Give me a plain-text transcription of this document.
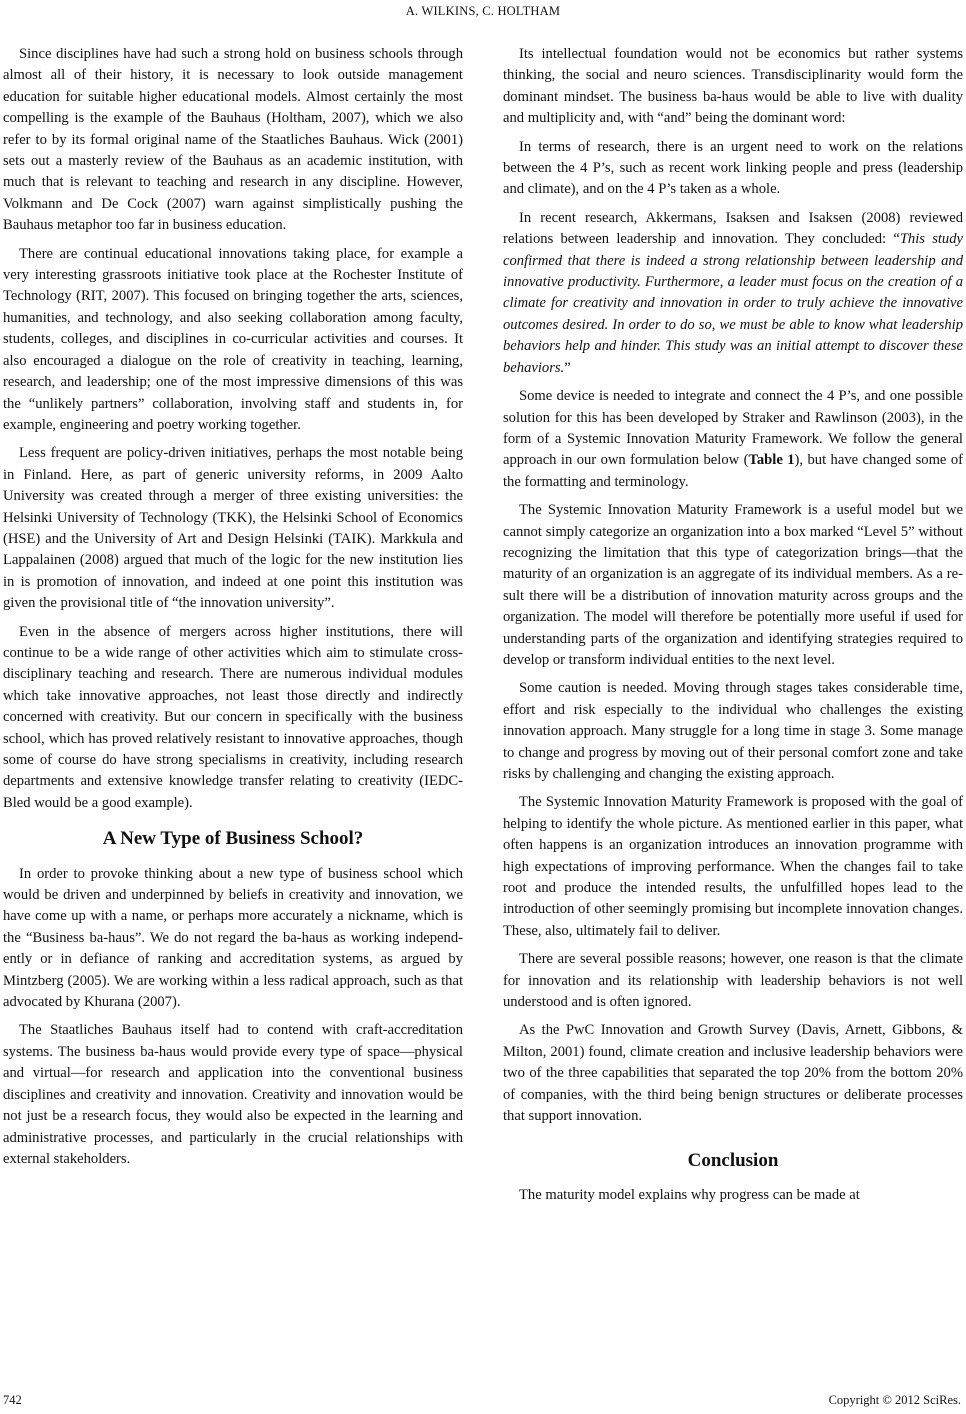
A. WILKINS, C. HOLTHAM

Since disciplines have had such a strong hold on business schools through almost all of their history, it is necessary to look outside management education for suitable higher educational models. Almost certainly the most compelling is the example of the Bauhaus (Holtham, 2007), which we also refer to by its formal original name of the Staatliches Bauhaus. Wick (2001) sets out a masterly review of the Bauhaus as an academic institution, with much that is relevant to teaching and research in any discipline. However, Volkmann and De Cock (2007) warn against simplistically pushing the Bauhaus metaphor too far in business education.

There are continual educational innovations taking place, for example a very interesting grassroots initiative took place at the Rochester Institute of Technology (RIT, 2007). This focused on bringing together the arts, sciences, humanities, and technology, and also seeking collaboration among faculty, students, colleges, and disciplines in co-curricular activities and courses. It also encouraged a dialogue on the role of creativity in teaching, learning, research, and leadership; one of the most impressive dimensions of this was the “unlikely partners” collaboration, involving staff and students in, for example, engineering and poetry working together.

Less frequent are policy-driven initiatives, perhaps the most notable being in Finland. Here, as part of generic university reforms, in 2009 Aalto University was created through a merger of three existing universities: the Helsinki University of Technology (TKK), the Helsinki School of Economics (HSE) and the University of Art and Design Helsinki (TAIK). Markkula and Lappalainen (2008) argued that much of the logic for the new institution lies in is promotion of innovation, and indeed at one point this institution was given the provisional title of “the innovation university”.

Even in the absence of mergers across higher institutions, there will continue to be a wide range of other activities which aim to stimulate cross-disciplinary teaching and research. There are numerous individual modules which take innovative approaches, not least those directly and indirectly concerned with creativity. But our concern in specifically with the business school, which has proved relatively resistant to innovative approaches, though some of course do have strong specialisms in creativity, including research departments and extensive knowledge transfer relating to creativity (IEDC-Bled would be a good example).

A New Type of Business School?

In order to provoke thinking about a new type of business school which would be driven and underpinned by beliefs in creativity and innovation, we have come up with a name, or perhaps more accurately a nickname, which is the “Business ba-haus”. We do not regard the ba-haus as working independently or in defiance of ranking and accreditation systems, as argued by Mintzberg (2005). We are working within a less radical approach, such as that advocated by Khurana (2007).

The Staatliches Bauhaus itself had to contend with craft-accreditation systems. The business ba-haus would provide every type of space—physical and virtual—for research and application into the conventional business disciplines and creativity and innovation. Creativity and innovation would be not just be a research focus, they would also be expected in the learning and administrative processes, and particularly in the crucial relationships with external stakeholders.

Its intellectual foundation would not be economics but rather systems thinking, the social and neuro sciences. Transdisciplinarity would form the dominant mindset. The business ba-haus would be able to live with duality and multiplicity and, with “and” being the dominant word:

In terms of research, there is an urgent need to work on the relations between the 4 P’s, such as recent work linking people and press (leadership and climate), and on the 4 P’s taken as a whole.

In recent research, Akkermans, Isaksen and Isaksen (2008) reviewed relations between leadership and innovation. They concluded: “This study confirmed that there is indeed a strong relationship between leadership and innovative productivity. Furthermore, a leader must focus on the creation of a climate for creativity and innovation in order to truly achieve the innovative outcomes desired. In order to do so, we must be able to know what leadership behaviors help and hinder. This study was an initial attempt to discover these behaviors.”

Some device is needed to integrate and connect the 4 P’s, and one possible solution for this has been developed by Straker and Rawlinson (2003), in the form of a Systemic Innovation Maturity Framework. We follow the general approach in our own formulation below (Table 1), but have changed some of the formatting and terminology.

The Systemic Innovation Maturity Framework is a useful model but we cannot simply categorize an organization into a box marked “Level 5” without recognizing the limitation that this type of categorization brings—that the maturity of an organization is an aggregate of its individual members. As a result there will be a distribution of innovation maturity across groups and the organization. The model will therefore be potentially more useful if used for understanding parts of the organization and identifying strategies required to develop or transform individual entities to the next level.

Some caution is needed. Moving through stages takes considerable time, effort and risk especially to the individual who challenges the existing innovation approach. Many struggle for a long time in stage 3. Some manage to change and progress by moving out of their personal comfort zone and take risks by challenging and changing the existing approach.

The Systemic Innovation Maturity Framework is proposed with the goal of helping to identify the whole picture. As mentioned earlier in this paper, what often happens is an organization introduces an innovation programme with high expectations of improving performance. When the changes fail to take root and produce the intended results, the unfulfilled hopes lead to the introduction of other seemingly promising but incomplete innovation changes. These, also, ultimately fail to deliver.

There are several possible reasons; however, one reason is that the climate for innovation and its relationship with leadership behaviors is not well understood and is often ignored.

As the PwC Innovation and Growth Survey (Davis, Arnett, Gibbons, & Milton, 2001) found, climate creation and inclusive leadership behaviors were two of the three capabilities that separated the top 20% from the bottom 20% of companies, with the third being benign structures or deliberate processes that support innovation.

Conclusion

The maturity model explains why progress can be made at

742	Copyright © 2012 SciRes.
